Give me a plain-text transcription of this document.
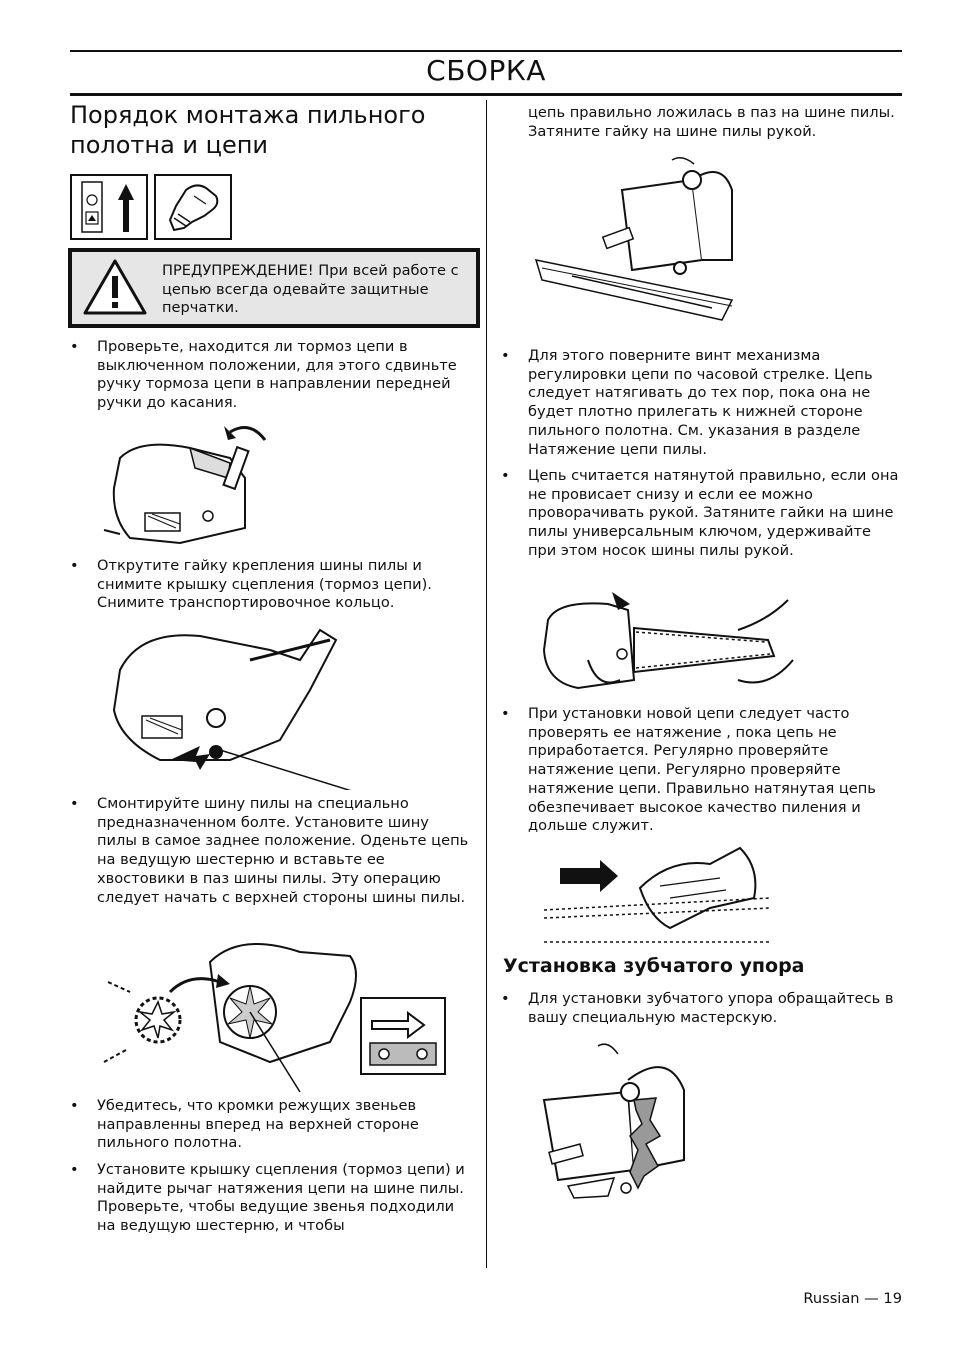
СБОРКА
Порядок монтажа пильного полотна и цепи
ПРЕДУПРЕЖДЕНИЕ! При всей работе с цепью всегда одевайте защитные перчатки.
• Проверьте, находится ли тормоз цепи в выключенном положении, для этого сдвиньте ручку тормоза цепи в направлении передней ручки до касания.
• Открутите гайку крепления шины пилы и снимите крышку сцепления (тормоз цепи). Снимите транспортировочное кольцо.
• Смонтируйте шину пилы на специально предназначенном болте. Установите шину пилы в самое заднее положение. Оденьте цепь на ведущую шестерню и вставьте ее хвостовики в паз шины пилы. Эту операцию следует начать с верхней стороны шины пилы.
• Убедитесь, что кромки режущих звеньев направленны вперед на верхней стороне пильного полотна.
• Установите крышку сцепления (тормоз цепи) и найдите рычаг натяжения цепи на шине пилы. Проверьте, чтобы ведущие звенья подходили на ведущую шестерню, и чтобы
цепь правильно ложилась в паз на шине пилы. Затяните гайку на шине пилы рукой.
• Для этого поверните винт механизма регулировки цепи по часовой стрелке. Цепь следует натягивать до тех пор, пока она не будет плотно прилегать к нижней стороне пильного полотна. См. указания в разделе Натяжение цепи пилы.
• Цепь считается натянутой правильно, если она не провисает снизу и если ее можно проворачивать рукой. Затяните гайки на шине пилы универсальным ключом, удерживайте при этом носок шины пилы рукой.
• При установки новой цепи следует часто проверять ее натяжение , пока цепь не приработается. Регулярно проверяйте натяжение цепи. Регулярно проверяйте натяжение цепи. Правильно натянутая цепь обезпечивает высокое качество пиления и дольше служит.
Установка зубчатого упора
• Для установки зубчатого упора обращайтесь в вашу специальную мастерскую.
Russian — 19
